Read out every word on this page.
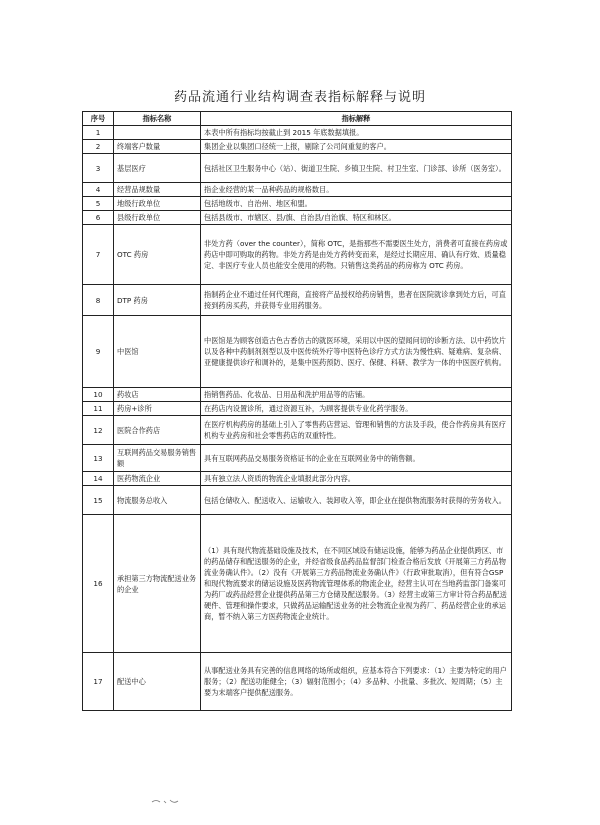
药品流通行业结构调查表指标解释与说明
序号	指标名称	指标解释
1		本表中所有指标均按截止到 2015 年底数据填报。
2	终端客户数量	集团企业以集团口径统一上报，剔除了公司间重复的客户。
3	基层医疗	包括社区卫生服务中心（站）、街道卫生院、乡镇卫生院、村卫生室、门诊部、诊所（医务室）。
4	经营品规数量	指企业经营的某一品种药品的规格数目。
5	地级行政单位	包括地级市、自治州、地区和盟。
6	县级行政单位	包括县级市、市辖区、县/旗、自治县/自治旗、特区和林区。
7	OTC 药房	非处方药（over the counter），简称 OTC，是指那些不需要医生处方，消费者可直接在药房或药店中即可购取的药物。非处方药是由处方药转变而来，是经过长期应用、确认有疗效、质量稳定、非医疗专业人员也能安全使用的药物。只销售这类药品的药房称为 OTC 药房。
8	DTP 药房	指制药企业不通过任何代理商，直接将产品授权给药房销售，患者在医院就诊拿到处方后，可直接到药房买药，并获得专业用药服务。
9	中医馆	中医馆是为顾客创造古色古香仿古的就医环境，采用以中医的望闻问切的诊断方法、以中药饮片以及各种中药制剂剂型以及中医传统外疗等中医特色诊疗方式方法为慢性病、疑难病、复杂病、亚健康提供诊疗和调补的，是集中医药预防、医疗、保健、科研、教学为一体的中医医疗机构。
10	药妆店	指销售药品、化妆品、日用品和洗护用品等的店铺。
11	药房+诊所	在药店内设置诊所，通过资源互补，为顾客提供专业化药学服务。
12	医院合作药店	在医疗机构药房的基础上引入了零售药店营运、管理和销售的方法及手段，使合作药房具有医疗机构专业药房和社会零售药店的双重特性。
13	互联网药品交易服务销售额	具有互联网药品交易服务资格证书的企业在互联网业务中的销售额。
14	医药物流企业	具有独立法人资质的物流企业填报此部分内容。
15	物流服务总收入	包括仓储收入、配送收入、运输收入、装卸收入等，即企业在提供物流服务时获得的劳务收入。
16	承担第三方物流配送业务的企业	（1）具有现代物流基础设施及技术，在不同区域设有储运设施，能够为药品企业提供跨区、市的药品储存和配送服务的企业，并经省级食品药品监督部门检查合格后发放《开展第三方药品物流业务确认件》。（2）没有《开展第三方药品物流业务确认件》（行政审批取消），但有符合GSP和现代物流要求的储运设施及医药物流管理体系的物流企业，经营主认可在当地药监部门备案可为药厂或药品经营企业提供药品第三方仓储及配送服务。（3）经营主或第三方审计符合药品配送硬件、管理和操作要求，只做药品运输配送业务的社会物流企业视为药厂、药品经营企业的承运商，暂不纳入第三方医药物流企业统计。
17	配送中心	从事配送业务具有完善的信息网络的场所或组织，应基本符合下列要求：（1）主要为特定的用户服务；（2）配送功能健全；（3）辐射范围小；（4）多品种、小批量、多批次、短周期；（5）主要为末端客户提供配送服务。
